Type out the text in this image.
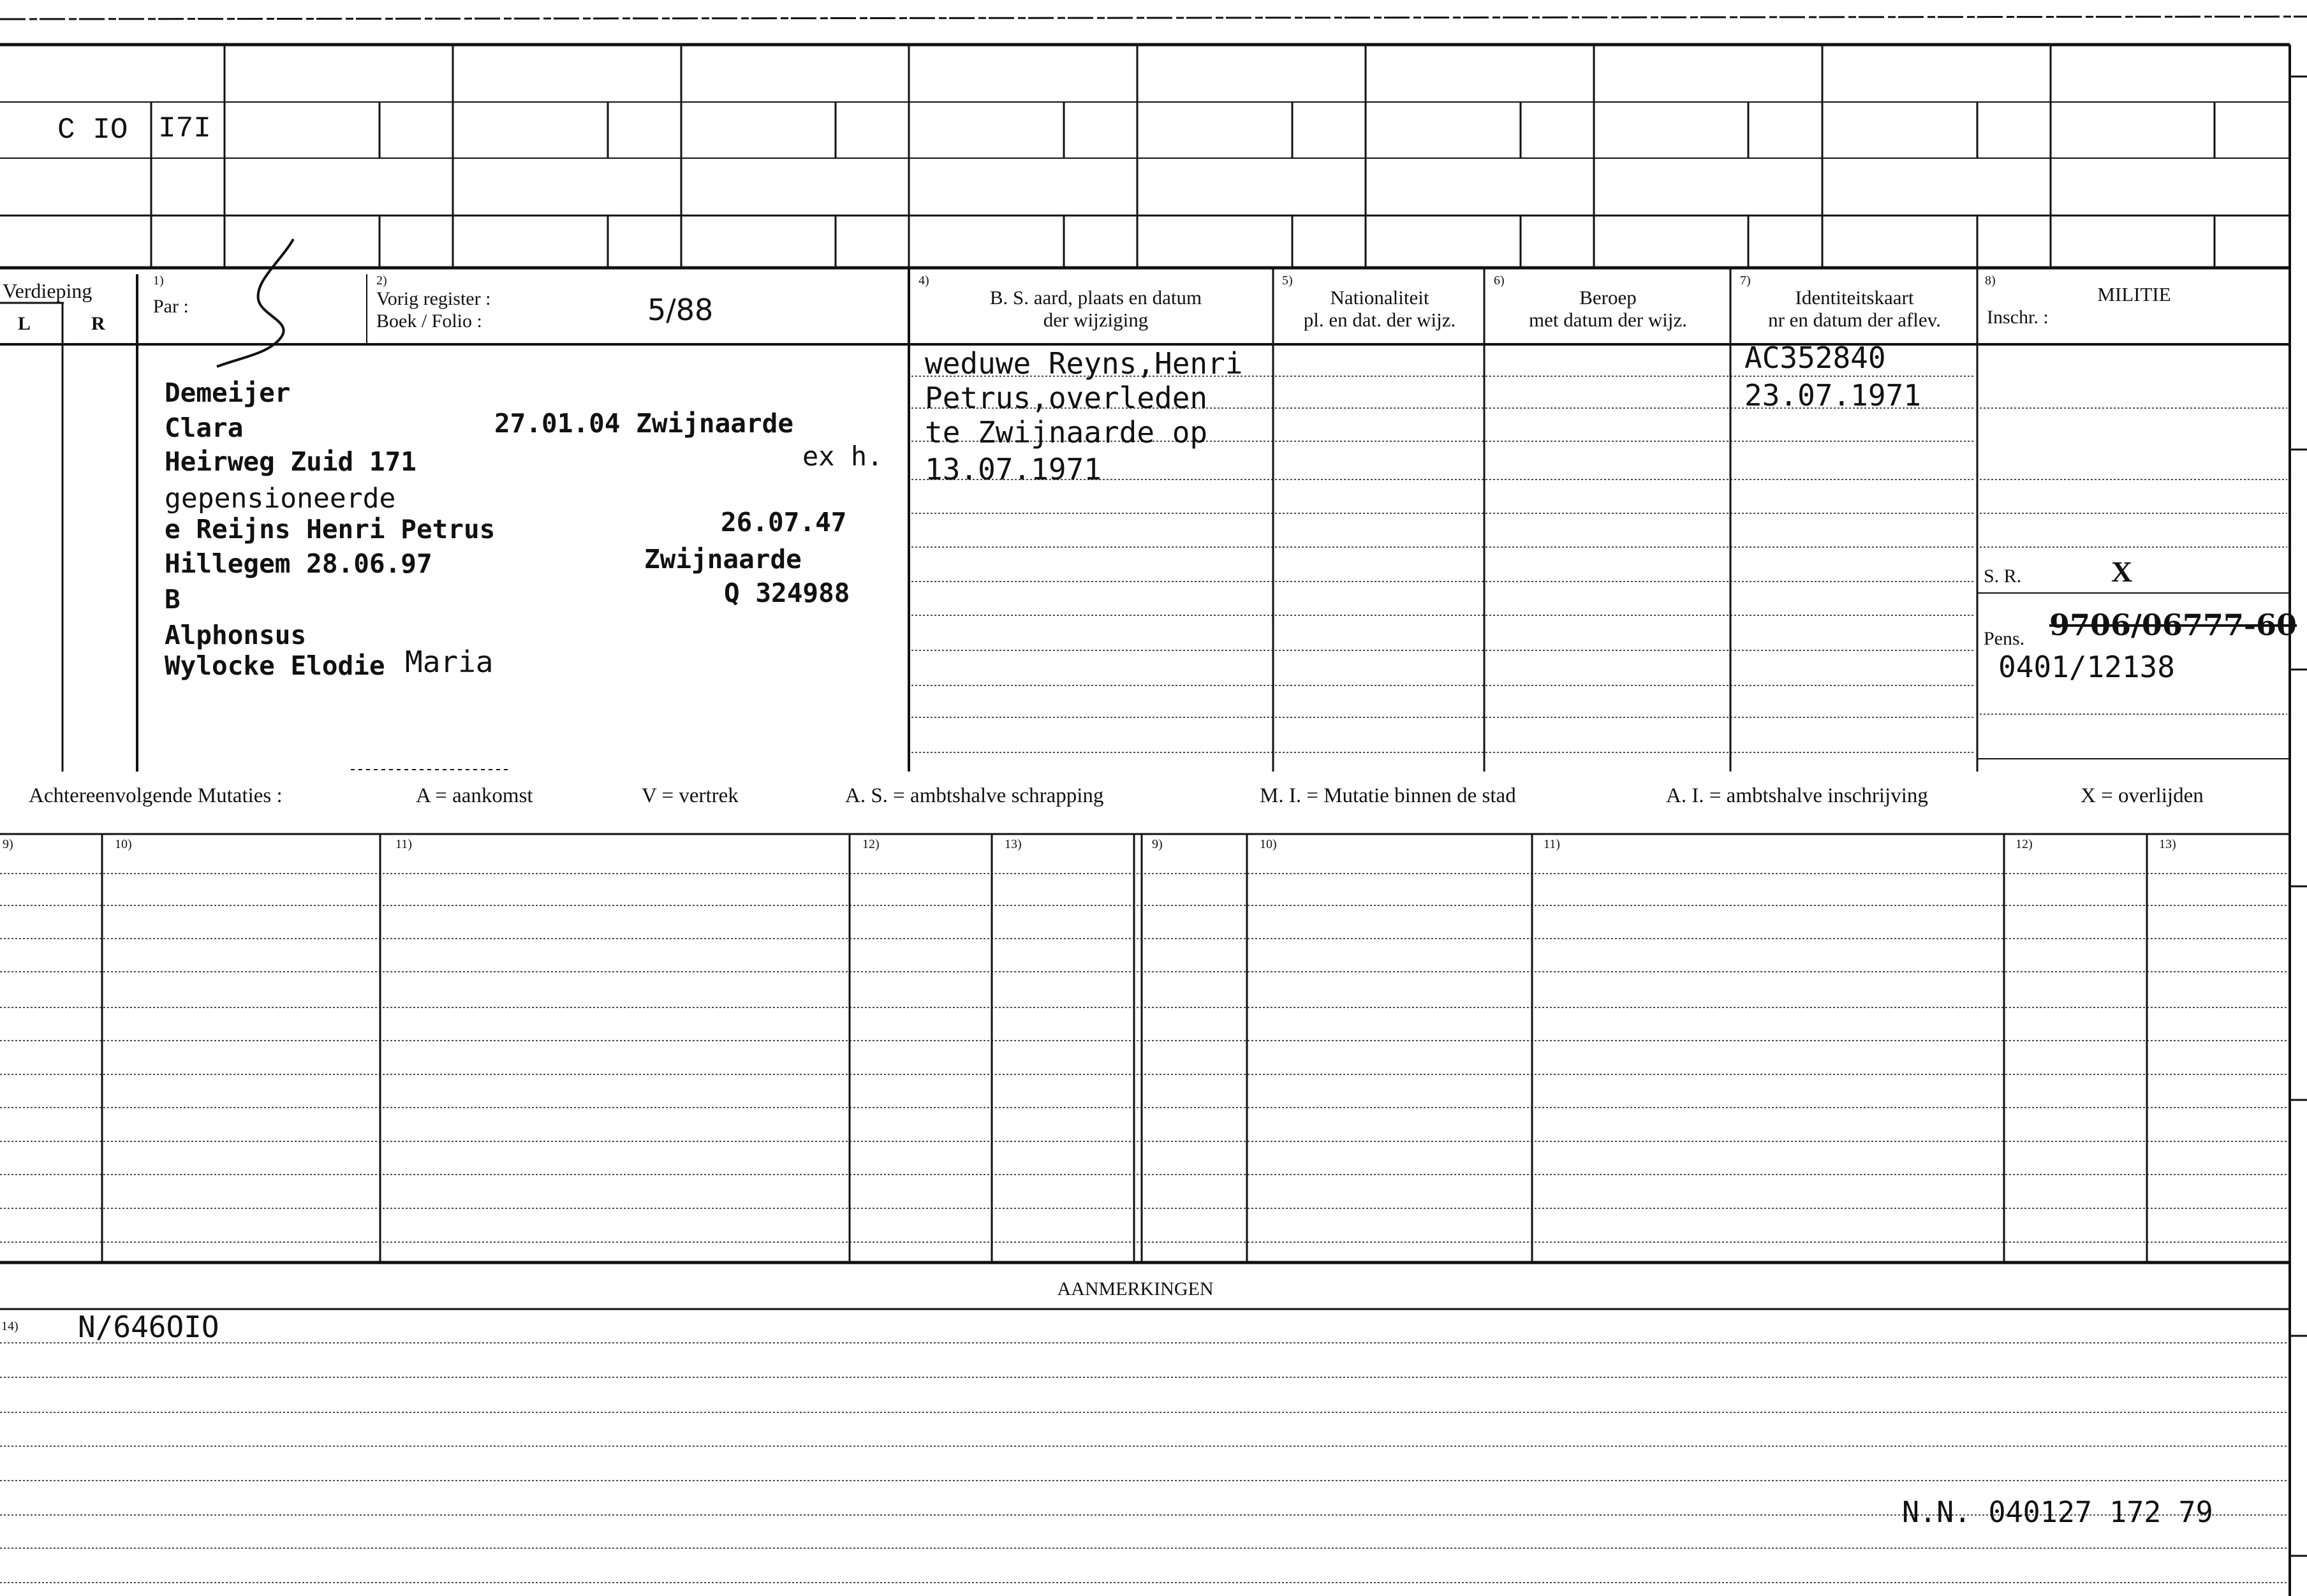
C IO I7I
Verdieping
L	R
1)
Par :
2)
Vorig register :
Boek / Folio :	5/88
4)
B. S. aard, plaats en datum
der wijziging
5)
Nationaliteit
pl. en dat. der wijz.
6)
Beroep
met datum der wijz.
7)
Identiteitskaart
nr en datum der aflev.
8)
MILITIE
Inschr. :
Demeijer
Clara	27.01.04 Zwijnaarde
Heirweg Zuid 171	ex h.
gepensioneerde
e Reijns Henri Petrus	26.07.47
Hillegem 28.06.97	Zwijnaarde
B	Q 324988
Alphonsus
Wylocke Elodie Maria
weduwe Reyns,Henri
Petrus,overleden
te Zwijnaarde op
13.07.1971
AC352840
23.07.1971
S. R.	X
Pens. 9706/06777-60
0401/12138
Achtereenvolgende Mutaties :	A = aankomst	V = vertrek	A. S. = ambtshalve schrapping	M. I. = Mutatie binnen de stad	A. I. = ambtshalve inschrijving	X = overlijden
9)	10)	11)	12)	13)	9)	10)	11)	12)	13)
AANMERKINGEN
14) N/646OIO
N.N. 040127 172 79
